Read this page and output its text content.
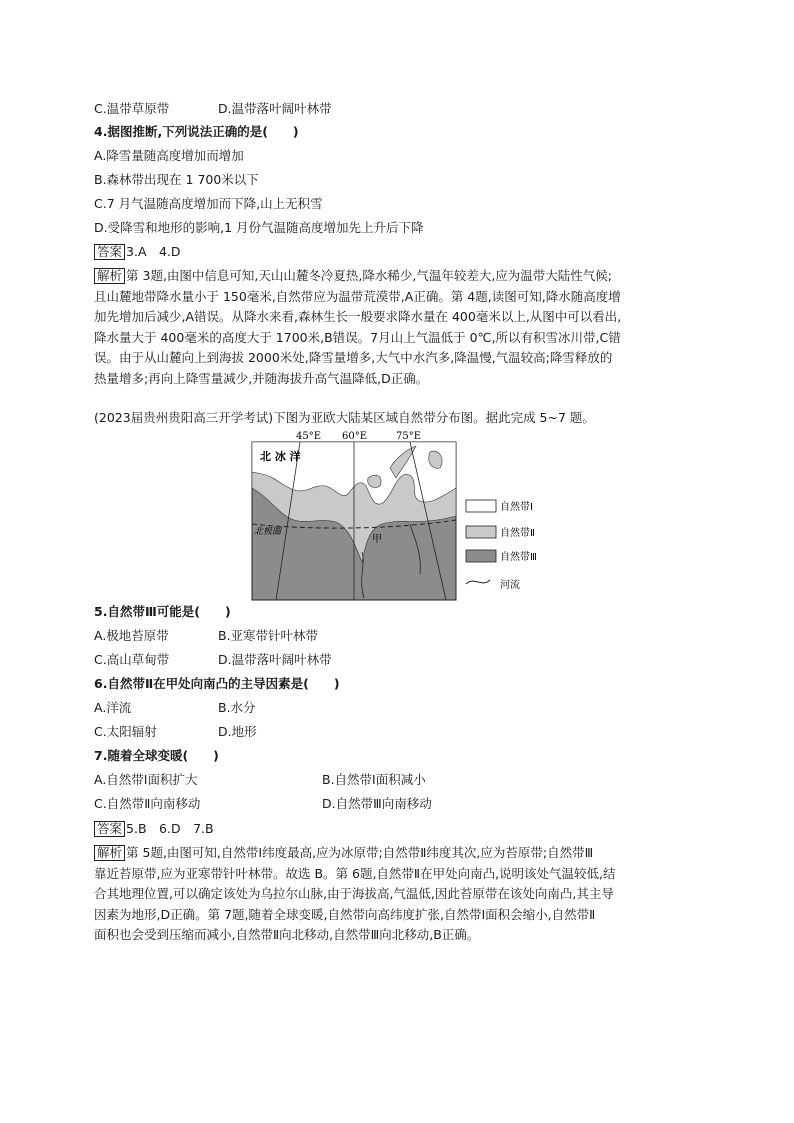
C.温带草原带	D.温带落叶阔叶林带
4.据图推断,下列说法正确的是(　　)
A.降雪量随高度增加而增加
B.森林带出现在 1 700米以下
C.7 月气温随高度增加而下降,山上无积雪
D.受降雪和地形的影响,1 月份气温随高度增加先上升后下降
答案 3.A　4.D
解析 第 3题,由图中信息可知,天山山麓冬冷夏热,降水稀少,气温年较差大,应为温带大陆性气候;
且山麓地带降水量小于 150毫米,自然带应为温带荒漠带,A正确。第 4题,读图可知,降水随高度增
加先增加后减少,A错误。从降水来看,森林生长一般要求降水量在 400毫米以上,从图中可以看出,
降水量大于 400毫米的高度大于 1700米,B错误。7月山上气温低于 0℃,所以有积雪冰川带,C错
误。由于从山麓向上到海拔 2000米处,降雪量增多,大气中水汽多,降温慢,气温较高;降雪释放的
热量增多;再向上降雪量减少,并随海拔升高气温降低,D正确。
(2023届贵州贵阳高三开学考试)下图为亚欧大陆某区域自然带分布图。据此完成 5~7 题。
45°E 60°E	75°E
北 冰 洋
北极圈
甲
自然带Ⅰ
自然带Ⅱ
自然带Ⅲ
河流
5.自然带Ⅲ可能是(　　)
A.极地苔原带	B.亚寒带针叶林带
C.高山草甸带	D.温带落叶阔叶林带
6.自然带Ⅱ在甲处向南凸的主导因素是(　　)
A.洋流	B.水分
C.太阳辐射	D.地形
7.随着全球变暖(　　)
A.自然带Ⅰ面积扩大	B.自然带Ⅰ面积减小
C.自然带Ⅱ向南移动	D.自然带Ⅲ向南移动
答案 5.B　6.D　7.B
解析 第 5题,由图可知,自然带Ⅰ纬度最高,应为冰原带;自然带Ⅱ纬度其次,应为苔原带;自然带Ⅲ
靠近苔原带,应为亚寒带针叶林带。故选 B。第 6题,自然带Ⅱ在甲处向南凸,说明该处气温较低,结
合其地理位置,可以确定该处为乌拉尔山脉,由于海拔高,气温低,因此苔原带在该处向南凸,其主导
因素为地形,D正确。第 7题,随着全球变暖,自然带向高纬度扩张,自然带Ⅰ面积会缩小,自然带Ⅱ
面积也会受到压缩而减小,自然带Ⅱ向北移动,自然带Ⅲ向北移动,B正确。
